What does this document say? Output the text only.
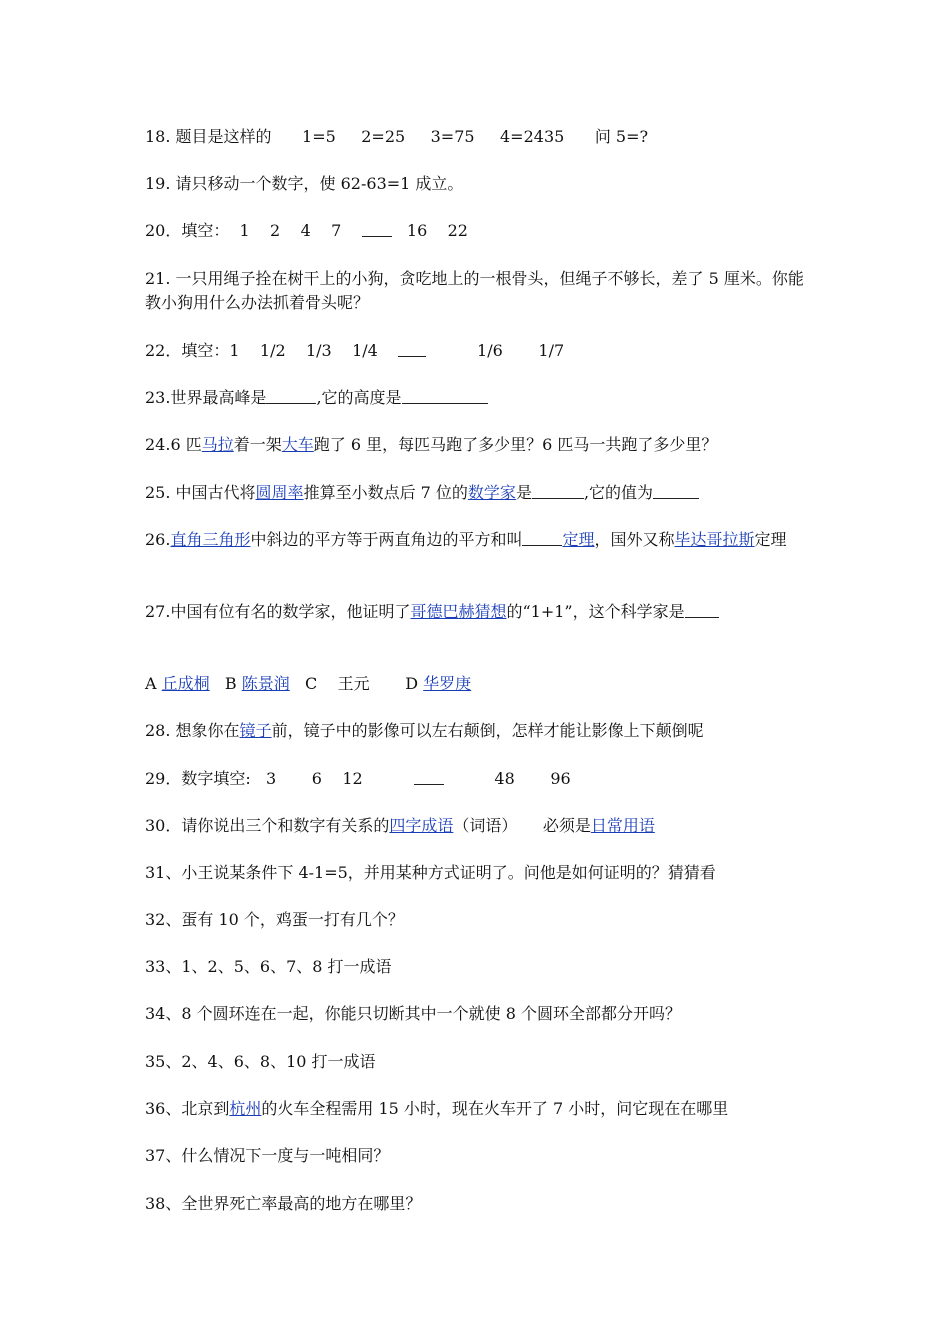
18. 题目是这样的      1=5     2=25     3=75     4=2435      问 5=?
19. 请只移动一个数字，使 62-63=1 成立。
20．填空：  1    2    4    7       16    22
21. 一只用绳子拴在树干上的小狗，贪吃地上的一根骨头，但绳子不够长，差了 5 厘米。你能教小狗用什么办法抓着骨头呢？
22．填空：1    1/2    1/3    1/4              1/6       1/7
23.世界最高峰是	,它的高度是
24.6 匹马拉着一架大车跑了 6 里，每匹马跑了多少里？6 匹马一共跑了多少里？
25. 中国古代将圆周率推算至小数点后 7 位的数学家是	,它的值为
26.直角三角形中斜边的平方等于两直角边的平方和叫	定理，国外又称毕达哥拉斯定理
27.中国有位有名的数学家，他证明了哥德巴赫猜想的“1+1”，这个科学家是
A 丘成桐   B 陈景润   C    王元       D 华罗庚
28. 想象你在镜子前，镜子中的影像可以左右颠倒，怎样才能让影像上下颠倒呢
29．数字填空:   3       6    12                    48       96
30．请你说出三个和数字有关系的四字成语（词语）     必须是日常用语
31、小王说某条件下 4-1=5，并用某种方式证明了。问他是如何证明的？猜猜看
32、蛋有 10 个，鸡蛋一打有几个？
33、1、2、5、6、7、8 打一成语
34、8 个圆环连在一起，你能只切断其中一个就使 8 个圆环全部都分开吗？
35、2、4、6、8、10 打一成语
36、北京到杭州的火车全程需用 15 小时，现在火车开了 7 小时，问它现在在哪里
37、什么情况下一度与一吨相同？
38、全世界死亡率最高的地方在哪里？
